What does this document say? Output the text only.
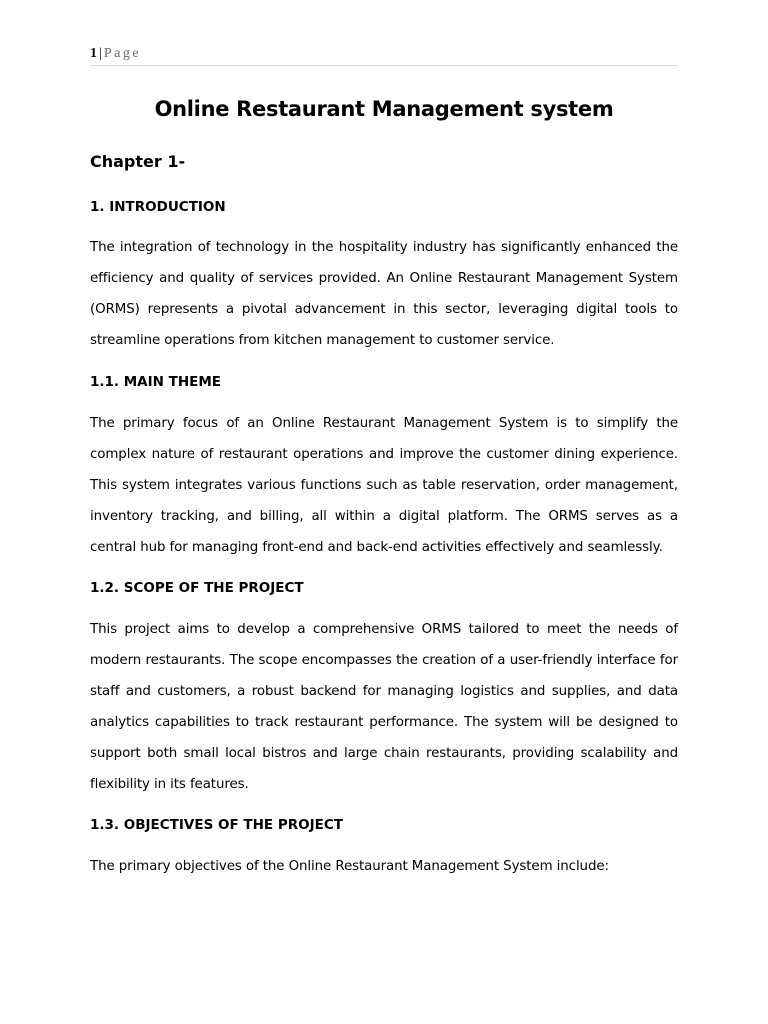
1 | Page
Online Restaurant Management system
Chapter 1-
1. INTRODUCTION
The integration of technology in the hospitality industry has significantly enhanced the efficiency and quality of services provided. An Online Restaurant Management System (ORMS) represents a pivotal advancement in this sector, leveraging digital tools to streamline operations from kitchen management to customer service.
1.1. MAIN THEME
The primary focus of an Online Restaurant Management System is to simplify the complex nature of restaurant operations and improve the customer dining experience. This system integrates various functions such as table reservation, order management, inventory tracking, and billing, all within a digital platform. The ORMS serves as a central hub for managing front-end and back-end activities effectively and seamlessly.
1.2. SCOPE OF THE PROJECT
This project aims to develop a comprehensive ORMS tailored to meet the needs of modern restaurants. The scope encompasses the creation of a user-friendly interface for staff and customers, a robust backend for managing logistics and supplies, and data analytics capabilities to track restaurant performance. The system will be designed to support both small local bistros and large chain restaurants, providing scalability and flexibility in its features.
1.3. OBJECTIVES OF THE PROJECT
The primary objectives of the Online Restaurant Management System include:
